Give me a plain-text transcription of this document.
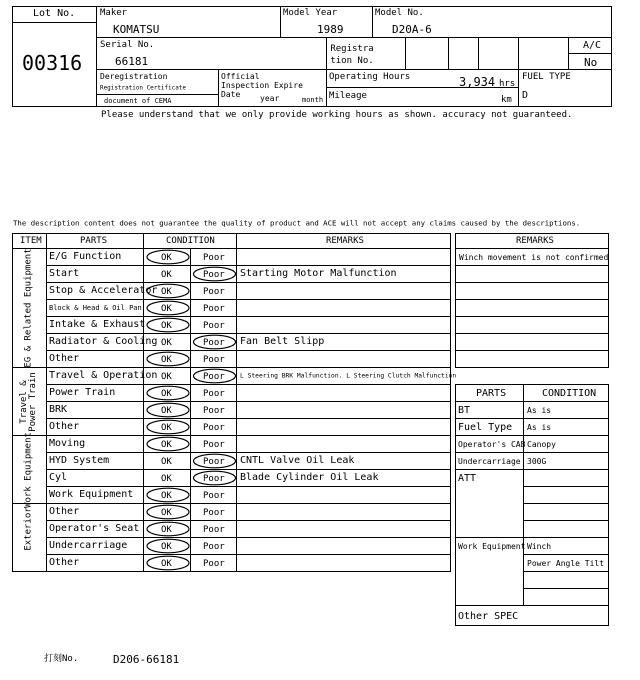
Lot No.
00316
Maker
KOMATSU
Model Year
1989
Model No.
D20A-6
Serial No.
66181
Registration No.
A/C
No
Deregistration
Registration Certificate
document of CEMA
Official Inspection Expire Date	year	month
Operating Hours	3,934 hrs
Mileage	km
FUEL TYPE
D
Please understand that we only provide working hours as shown. accuracy not guaranteed.
The description content does not guarantee the quality of product and ACE will not accept any claims caused by the descriptions.
ITEM	PARTS	CONDITION	REMARKS
EG & Related Equipment
Travel & Power Train
Work Equipment
Exterior
E/G Function	OK	Poor
Start	OK	Poor Starting Motor Malfunction
Stop & Accelerator OK	Poor
Block & Head & Oil Pan OK	Poor
Intake & Exhaust OK	Poor
Radiator & Cooling OK	Poor Fan Belt Slipp
Other	OK	Poor
Travel & Operation OK	Poor L Steering BRK Malfunction. L Steering Clutch Malfunction
Power Train	OK	Poor
BRK	OK	Poor
Other	OK	Poor
Moving	OK	Poor
HYD System	OK	Poor CNTL Valve Oil Leak
Cyl	OK	Poor Blade Cylinder Oil Leak
Work Equipment	OK	Poor
Other	OK	Poor
Operator's Seat OK	Poor
Undercarriage	OK	Poor
Other	OK	Poor
REMARKS
Winch movement is not confirmed
PARTS	CONDITION
BT	As is
Fuel Type As is
Operator's CAB Canopy
Undercarriage 300G
ATT
Work Equipment Winch
Power Angle Tilt
Other SPEC
打刻No.	D206-66181
